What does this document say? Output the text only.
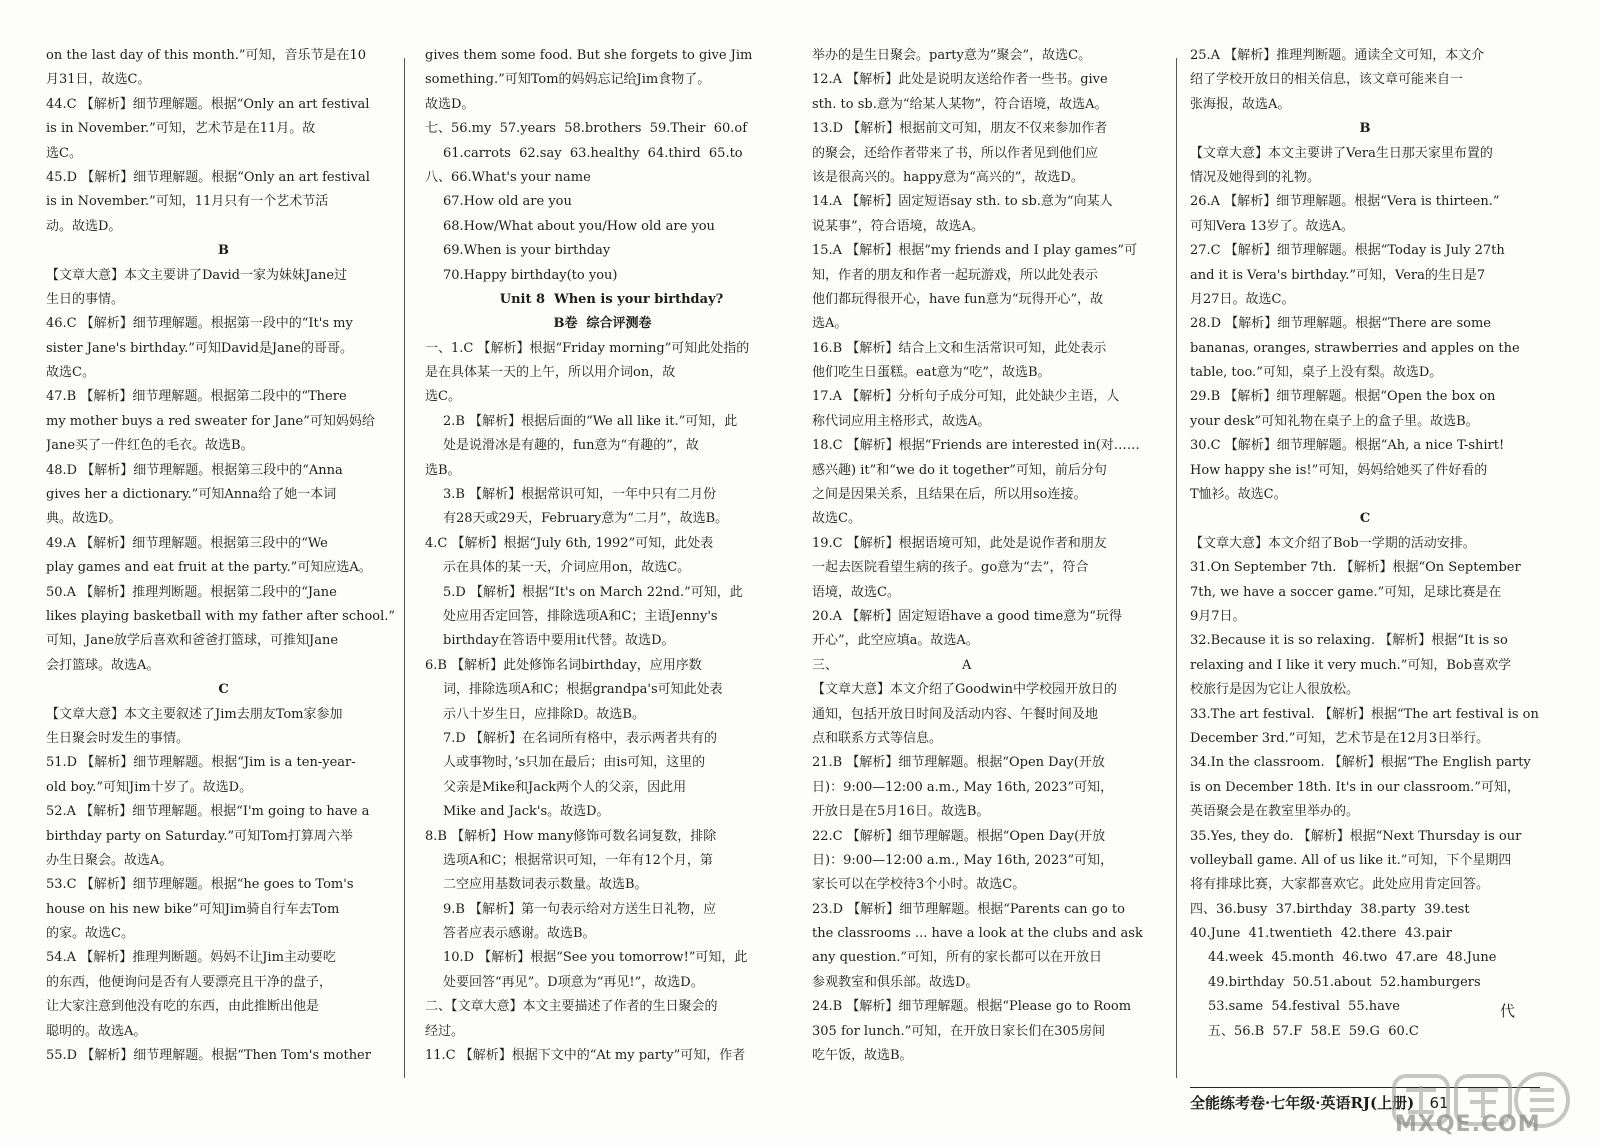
on the last day of this month.”可知，音乐节是在10
月31日，故选C。
44.C 【解析】细节理解题。根据“Only an art festival
is in November.”可知，艺术节是在11月。故
选C。
45.D 【解析】细节理解题。根据“Only an art festival
is in November.”可知，11月只有一个艺术节活
动。故选D。
B
【文章大意】本文主要讲了David一家为妹妹Jane过
生日的事情。
46.C 【解析】细节理解题。根据第一段中的“It's my
sister Jane's birthday.”可知David是Jane的哥哥。
故选C。
47.B 【解析】细节理解题。根据第二段中的“There
my mother buys a red sweater for Jane”可知妈妈给
Jane买了一件红色的毛衣。故选B。
48.D 【解析】细节理解题。根据第三段中的“Anna
gives her a dictionary.”可知Anna给了她一本词
典。故选D。
49.A 【解析】细节理解题。根据第三段中的“We
play games and eat fruit at the party.”可知应选A。
50.A 【解析】推理判断题。根据第二段中的“Jane
likes playing basketball with my father after school.”
可知，Jane放学后喜欢和爸爸打篮球，可推知Jane
会打篮球。故选A。
C
【文章大意】本文主要叙述了Jim去朋友Tom家参加
生日聚会时发生的事情。
51.D 【解析】细节理解题。根据“Jim is a ten-year-
old boy.”可知Jim十岁了。故选D。
52.A 【解析】细节理解题。根据“I'm going to have a
birthday party on Saturday.”可知Tom打算周六举
办生日聚会。故选A。
53.C 【解析】细节理解题。根据“he goes to Tom's
house on his new bike”可知Jim骑自行车去Tom
的家。故选C。
54.A 【解析】推理判断题。妈妈不让Jim主动要吃
的东西，他便询问是否有人要漂亮且干净的盘子，
让大家注意到他没有吃的东西，由此推断出他是
聪明的。故选A。
55.D 【解析】细节理解题。根据“Then Tom's mother
gives them some food. But she forgets to give Jim
something.”可知Tom的妈妈忘记给Jim食物了。
故选D。
七、56.my  57.years  58.brothers  59.Their  60.of
61.carrots  62.say  63.healthy  64.third  65.to
八、66.What's your name
67.How old are you
68.How/What about you/How old are you
69.When is your birthday
70.Happy birthday(to you)
Unit 8  When is your birthday?
B卷  综合评测卷
一、1.C 【解析】根据“Friday morning”可知此处指的
是在具体某一天的上午，所以用介词on，故
选C。
2.B 【解析】根据后面的“We all like it.”可知，此
处是说滑冰是有趣的，fun意为“有趣的”，故
选B。
3.B 【解析】根据常识可知，一年中只有二月份
有28天或29天，February意为“二月”，故选B。
4.C 【解析】根据“July 6th, 1992”可知，此处表
示在具体的某一天，介词应用on，故选C。
5.D 【解析】根据“It's on March 22nd.”可知，此
处应用否定回答，排除选项A和C；主语Jenny's
birthday在答语中要用it代替。故选D。
6.B 【解析】此处修饰名词birthday，应用序数
词，排除选项A和C；根据grandpa's可知此处表
示八十岁生日，应排除D。故选B。
7.D 【解析】在名词所有格中，表示两者共有的
人或事物时，’s只加在最后；由is可知，这里的
父亲是Mike和Jack两个人的父亲，因此用
Mike and Jack's。故选D。
8.B 【解析】How many修饰可数名词复数，排除
选项A和C；根据常识可知，一年有12个月，第
二空应用基数词表示数量。故选B。
9.B 【解析】第一句表示给对方送生日礼物，应
答者应表示感谢。故选B。
10.D 【解析】根据“See you tomorrow!”可知，此
处要回答“再见”。D项意为“再见!”，故选D。
二、【文章大意】本文主要描述了作者的生日聚会的
经过。
11.C 【解析】根据下文中的“At my party”可知，作者
举办的是生日聚会。party意为“聚会”，故选C。
12.A 【解析】此处是说明友送给作者一些书。give
sth. to sb.意为“给某人某物”，符合语境，故选A。
13.D 【解析】根据前文可知，朋友不仅来参加作者
的聚会，还给作者带来了书，所以作者见到他们应
该是很高兴的。happy意为“高兴的”，故选D。
14.A 【解析】固定短语say sth. to sb.意为“向某人
说某事”，符合语境，故选A。
15.A 【解析】根据“my friends and I play games”可
知，作者的朋友和作者一起玩游戏，所以此处表示
他们都玩得很开心，have fun意为“玩得开心”，故
选A。
16.B 【解析】结合上文和生活常识可知，此处表示
他们吃生日蛋糕。eat意为“吃”，故选B。
17.A 【解析】分析句子成分可知，此处缺少主语，人
称代词应用主格形式，故选A。
18.C 【解析】根据“Friends are interested in(对……
感兴趣) it”和“we do it together”可知，前后分句
之间是因果关系，且结果在后，所以用so连接。
故选C。
19.C 【解析】根据语境可知，此处是说作者和朋友
一起去医院看望生病的孩子。go意为“去”，符合
语境，故选C。
20.A 【解析】固定短语have a good time意为“玩得
开心”，此空应填a。故选A。
三、                              A
【文章大意】本文介绍了Goodwin中学校园开放日的
通知，包括开放日时间及活动内容、午餐时间及地
点和联系方式等信息。
21.B 【解析】细节理解题。根据“Open Day(开放
日)：9:00—12:00 a.m., May 16th, 2023”可知，
开放日是在5月16日。故选B。
22.C 【解析】细节理解题。根据“Open Day(开放
日)：9:00—12:00 a.m., May 16th, 2023”可知，
家长可以在学校待3个小时。故选C。
23.D 【解析】细节理解题。根据“Parents can go to
the classrooms ... have a look at the clubs and ask
any question.”可知，所有的家长都可以在开放日
参观教室和俱乐部。故选D。
24.B 【解析】细节理解题。根据“Please go to Room
305 for lunch.”可知，在开放日家长们在305房间
吃午饭，故选B。
25.A 【解析】推理判断题。通读全文可知，本文介
绍了学校开放日的相关信息，该文章可能来自一
张海报，故选A。
B
【文章大意】本文主要讲了Vera生日那天家里布置的
情况及她得到的礼物。
26.A 【解析】细节理解题。根据“Vera is thirteen.”
可知Vera 13岁了。故选A。
27.C 【解析】细节理解题。根据“Today is July 27th
and it is Vera's birthday.”可知，Vera的生日是7
月27日。故选C。
28.D 【解析】细节理解题。根据“There are some
bananas, oranges, strawberries and apples on the
table, too.”可知，桌子上没有梨。故选D。
29.B 【解析】细节理解题。根据“Open the box on
your desk”可知礼物在桌子上的盒子里。故选B。
30.C 【解析】细节理解题。根据“Ah, a nice T-shirt!
How happy she is!”可知，妈妈给她买了件好看的
T恤衫。故选C。
C
【文章大意】本文介绍了Bob一学期的活动安排。
31.On September 7th. 【解析】根据“On September
7th, we have a soccer game.”可知，足球比赛是在
9月7日。
32.Because it is so relaxing. 【解析】根据“It is so
relaxing and I like it very much.”可知，Bob喜欢学
校旅行是因为它让人很放松。
33.The art festival. 【解析】根据“The art festival is on
December 3rd.”可知，艺术节是在12月3日举行。
34.In the classroom. 【解析】根据“The English party
is on December 18th. It's in our classroom.”可知，
英语聚会是在教室里举办的。
35.Yes, they do. 【解析】根据“Next Thursday is our
volleyball game. All of us like it.”可知，下个星期四
将有排球比赛，大家都喜欢它。此处应用肯定回答。
四、36.busy  37.birthday  38.party  39.test
40.June  41.twentieth  42.there  43.pair
44.week  45.month  46.two  47.are  48.June
49.birthday  50.51.about  52.hamburgers
53.same  54.festival  55.have
五、56.B  57.F  58.E  59.G  60.C
代
全能练考卷·七年级·英语RJ(上册) 61
MXQE.COM
